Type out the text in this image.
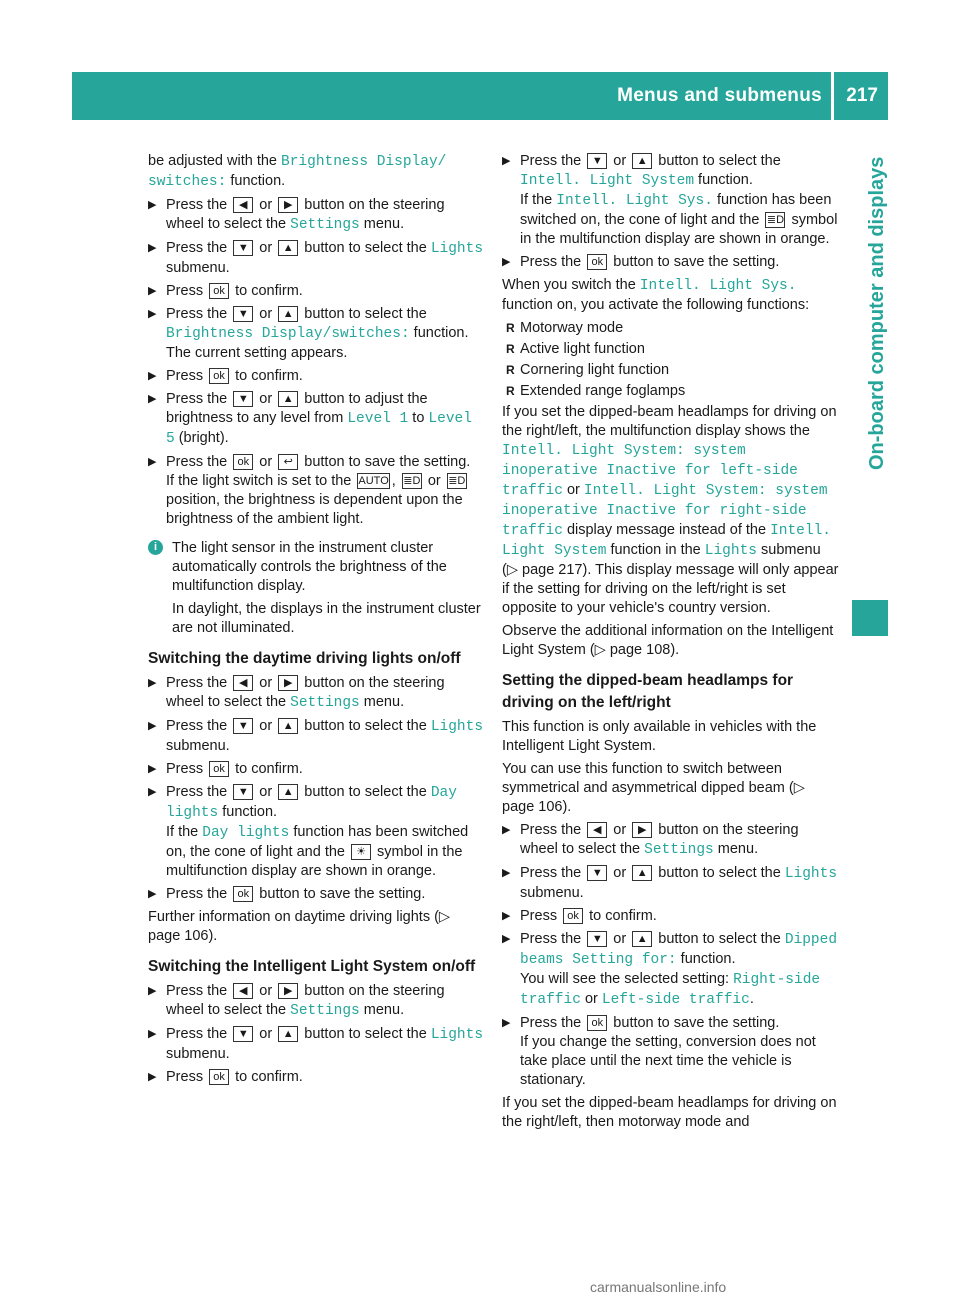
Menus and submenus 217
On-board computer and displays

be adjusted with the Brightness Display/ switches: function.

▶ Press the ◀ or ▶ button on the steering wheel to select the Settings menu.
▶ Press the ▼ or ▲ button to select the Lights submenu.
▶ Press ok to confirm.
▶ Press the ▼ or ▲ button to select the Brightness Display/switches: function.
The current setting appears.
▶ Press ok to confirm.
▶ Press the ▼ or ▲ button to adjust the brightness to any level from Level 1 to Level 5 (bright).
▶ Press the ok or ↩ button to save the setting.
If the light switch is set to the AUTO , ≣D or ≣D position, the brightness is dependent upon the brightness of the ambient light.
i	The light sensor in the instrument cluster automatically controls the brightness of the multifunction display.

In daylight, the displays in the instrument cluster are not illuminated.

Switching the daytime driving lights on/off
▶ Press the ◀ or ▶ button on the steering wheel to select the Settings menu.
▶ Press the ▼ or ▲ button to select the Lights submenu.
▶ Press ok to confirm.
▶ Press the ▼ or ▲ button to select the Day lights function.
If the Day lights function has been switched on, the cone of light and the ☀ symbol in the multifunction display are shown in orange.
▶ Press the ok button to save the setting.

Further information on daytime driving lights (▷ page 106).

Switching the Intelligent Light System on/off
▶ Press the ◀ or ▶ button on the steering wheel to select the Settings menu.
▶ Press the ▼ or ▲ button to select the Lights submenu.
▶ Press ok to confirm.
▶ Press the ▼ or ▲ button to select the Intell. Light System function.
If the Intell. Light Sys. function has been switched on, the cone of light and the ≣D symbol in the multifunction display are shown in orange.
▶ Press the ok button to save the setting.

When you switch the Intell. Light Sys. function on, you activate the following functions:

R Motorway mode
R Active light function
R Cornering light function
R Extended range foglamps

If you set the dipped-beam headlamps for driving on the right/left, the multifunction display shows the Intell. Light System: system inoperative Inactive for left-side traffic or Intell. Light System: system inoperative Inactive for right-side traffic display message instead of the Intell. Light System function in the Lights submenu (▷ page 217). This display message will only appear if the setting for driving on the left/right is set opposite to your vehicle's country version.

Observe the additional information on the Intelligent Light System (▷ page 108).

Setting the dipped-beam headlamps for driving on the left/right

This function is only available in vehicles with the Intelligent Light System.

You can use this function to switch between symmetrical and asymmetrical dipped beam (▷ page 106).

▶ Press the ◀ or ▶ button on the steering wheel to select the Settings menu.
▶ Press the ▼ or ▲ button to select the Lights submenu.
▶ Press ok to confirm.
▶ Press the ▼ or ▲ button to select the Dipped beams Setting for: function.
You will see the selected setting: Right-side traffic or Left-side traffic.
▶ Press the ok button to save the setting.
If you change the setting, conversion does not take place until the next time the vehicle is stationary.

If you set the dipped-beam headlamps for driving on the right/left, then motorway mode and

carmanualsonline.info
